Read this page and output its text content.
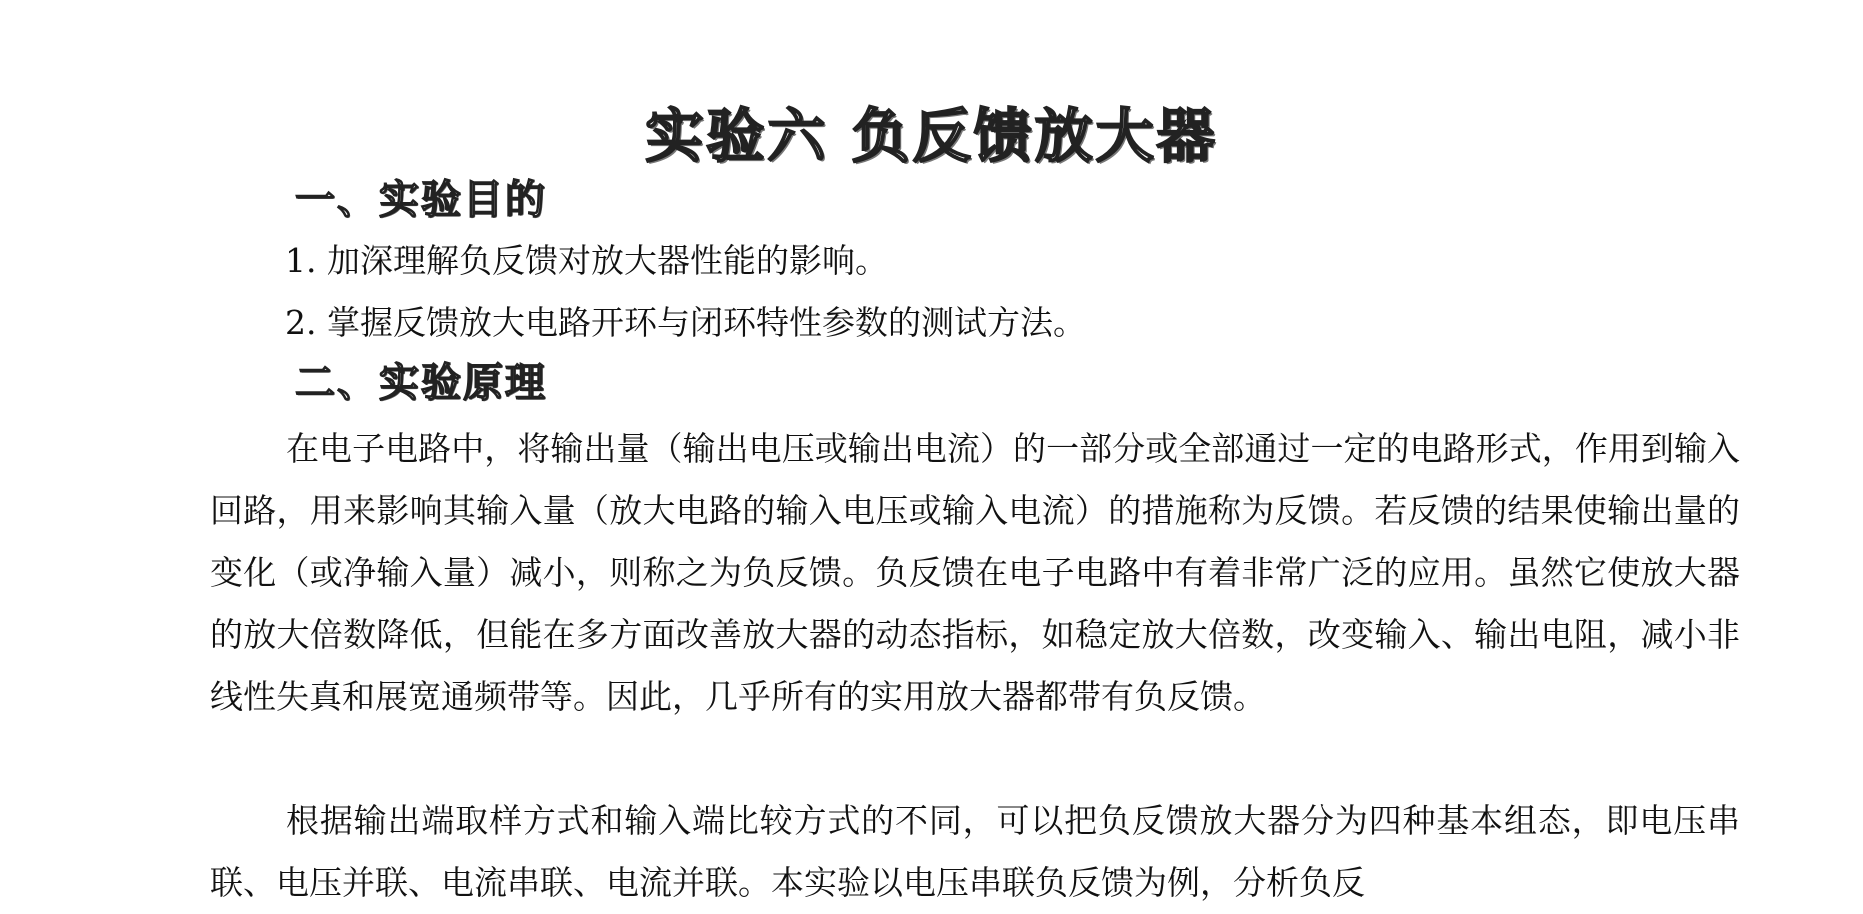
实验六 负反馈放大器
一、实验目的

1. 加深理解负反馈对放大器性能的影响。

2. 掌握反馈放大电路开环与闭环特性参数的测试方法。

二、实验原理

在电子电路中，将输出量（输出电压或输出电流）的一部分或全部通过一定的电路形式，作用到输入回路，用来影响其输入量（放大电路的输入电压或输入电流）的措施称为反馈。若反馈的结果使输出量的变化（或净输入量）减小，则称之为负反馈。负反馈在电子电路中有着非常广泛的应用。虽然它使放大器的放大倍数降低，但能在多方面改善放大器的动态指标，如稳定放大倍数，改变输入、输出电阻，减小非线性失真和展宽通频带等。因此，几乎所有的实用放大器都带有负反馈。

根据输出端取样方式和输入端比较方式的不同，可以把负反馈放大器分为四种基本组态，即电压串联、电压并联、电流串联、电流并联。本实验以电压串联负反馈为例，分析负反
